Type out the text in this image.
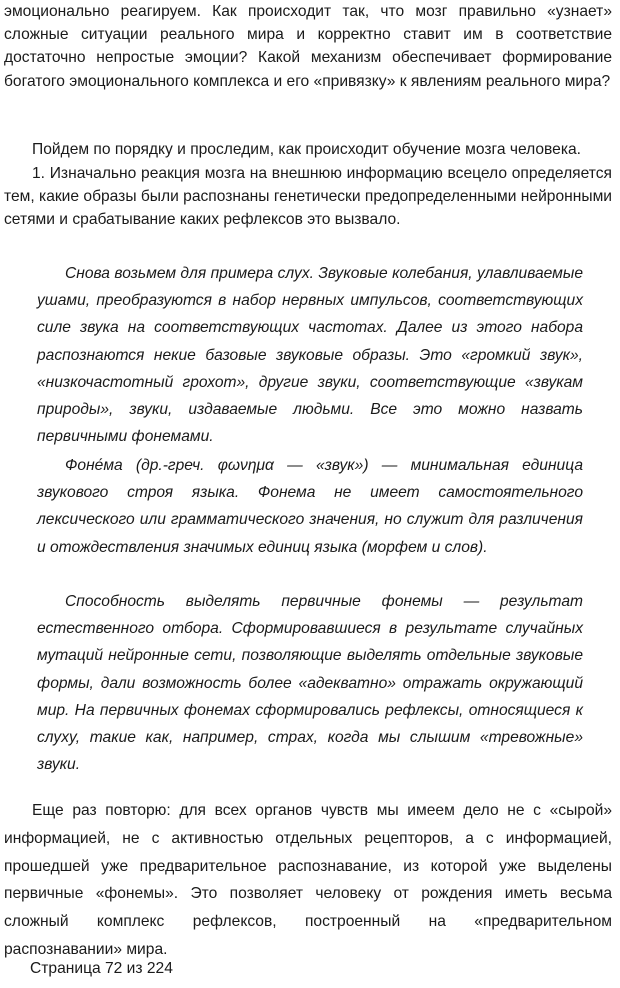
эмоционально реагируем. Как происходит так, что мозг правильно «узнает» сложные ситуации реального мира и корректно ставит им в соответствие достаточно непростые эмоции? Какой механизм обеспечивает формирование богатого эмоционального комплекса и его «привязку» к явлениям реального мира?

Пойдем по порядку и проследим, как происходит обучение мозга человека.

1. Изначально реакция мозга на внешнюю информацию всецело определяется тем, какие образы были распознаны генетически предопределенными нейронными сетями и срабатывание каких рефлексов это вызвало.

Снова возьмем для примера слух. Звуковые колебания, улавливаемые ушами, преобразуются в набор нервных импульсов, соответствующих силе звука на соответствующих частотах. Далее из этого набора распознаются некие базовые звуковые образы. Это «громкий звук», «низкочастотный грохот», другие звуки, соответствующие «звукам природы», звуки, издаваемые людьми. Все это можно назвать первичными фонемами.

Фоне́ма (др.-греч. φωνημα — «звук») — минимальная единица звукового строя языка. Фонема не имеет самостоятельного лексического или грамматического значения, но служит для различения и отождествления значимых единиц языка (морфем и слов).

Способность выделять первичные фонемы — результат естественного отбора. Сформировавшиеся в результате случайных мутаций нейронные сети, позволяющие выделять отдельные звуковые формы, дали возможность более «адекватно» отражать окружающий мир. На первичных фонемах сформировались рефлексы, относящиеся к слуху, такие как, например, страх, когда мы слышим «тревожные» звуки.

Еще раз повторю: для всех органов чувств мы имеем дело не с «сырой» информацией, не с активностью отдельных рецепторов, а с информацией, прошедшей уже предварительное распознавание, из которой уже выделены первичные «фонемы». Это позволяет человеку от рождения иметь весьма сложный комплекс рефлексов, построенный на «предварительном распознавании» мира.

Страница 72 из 224
